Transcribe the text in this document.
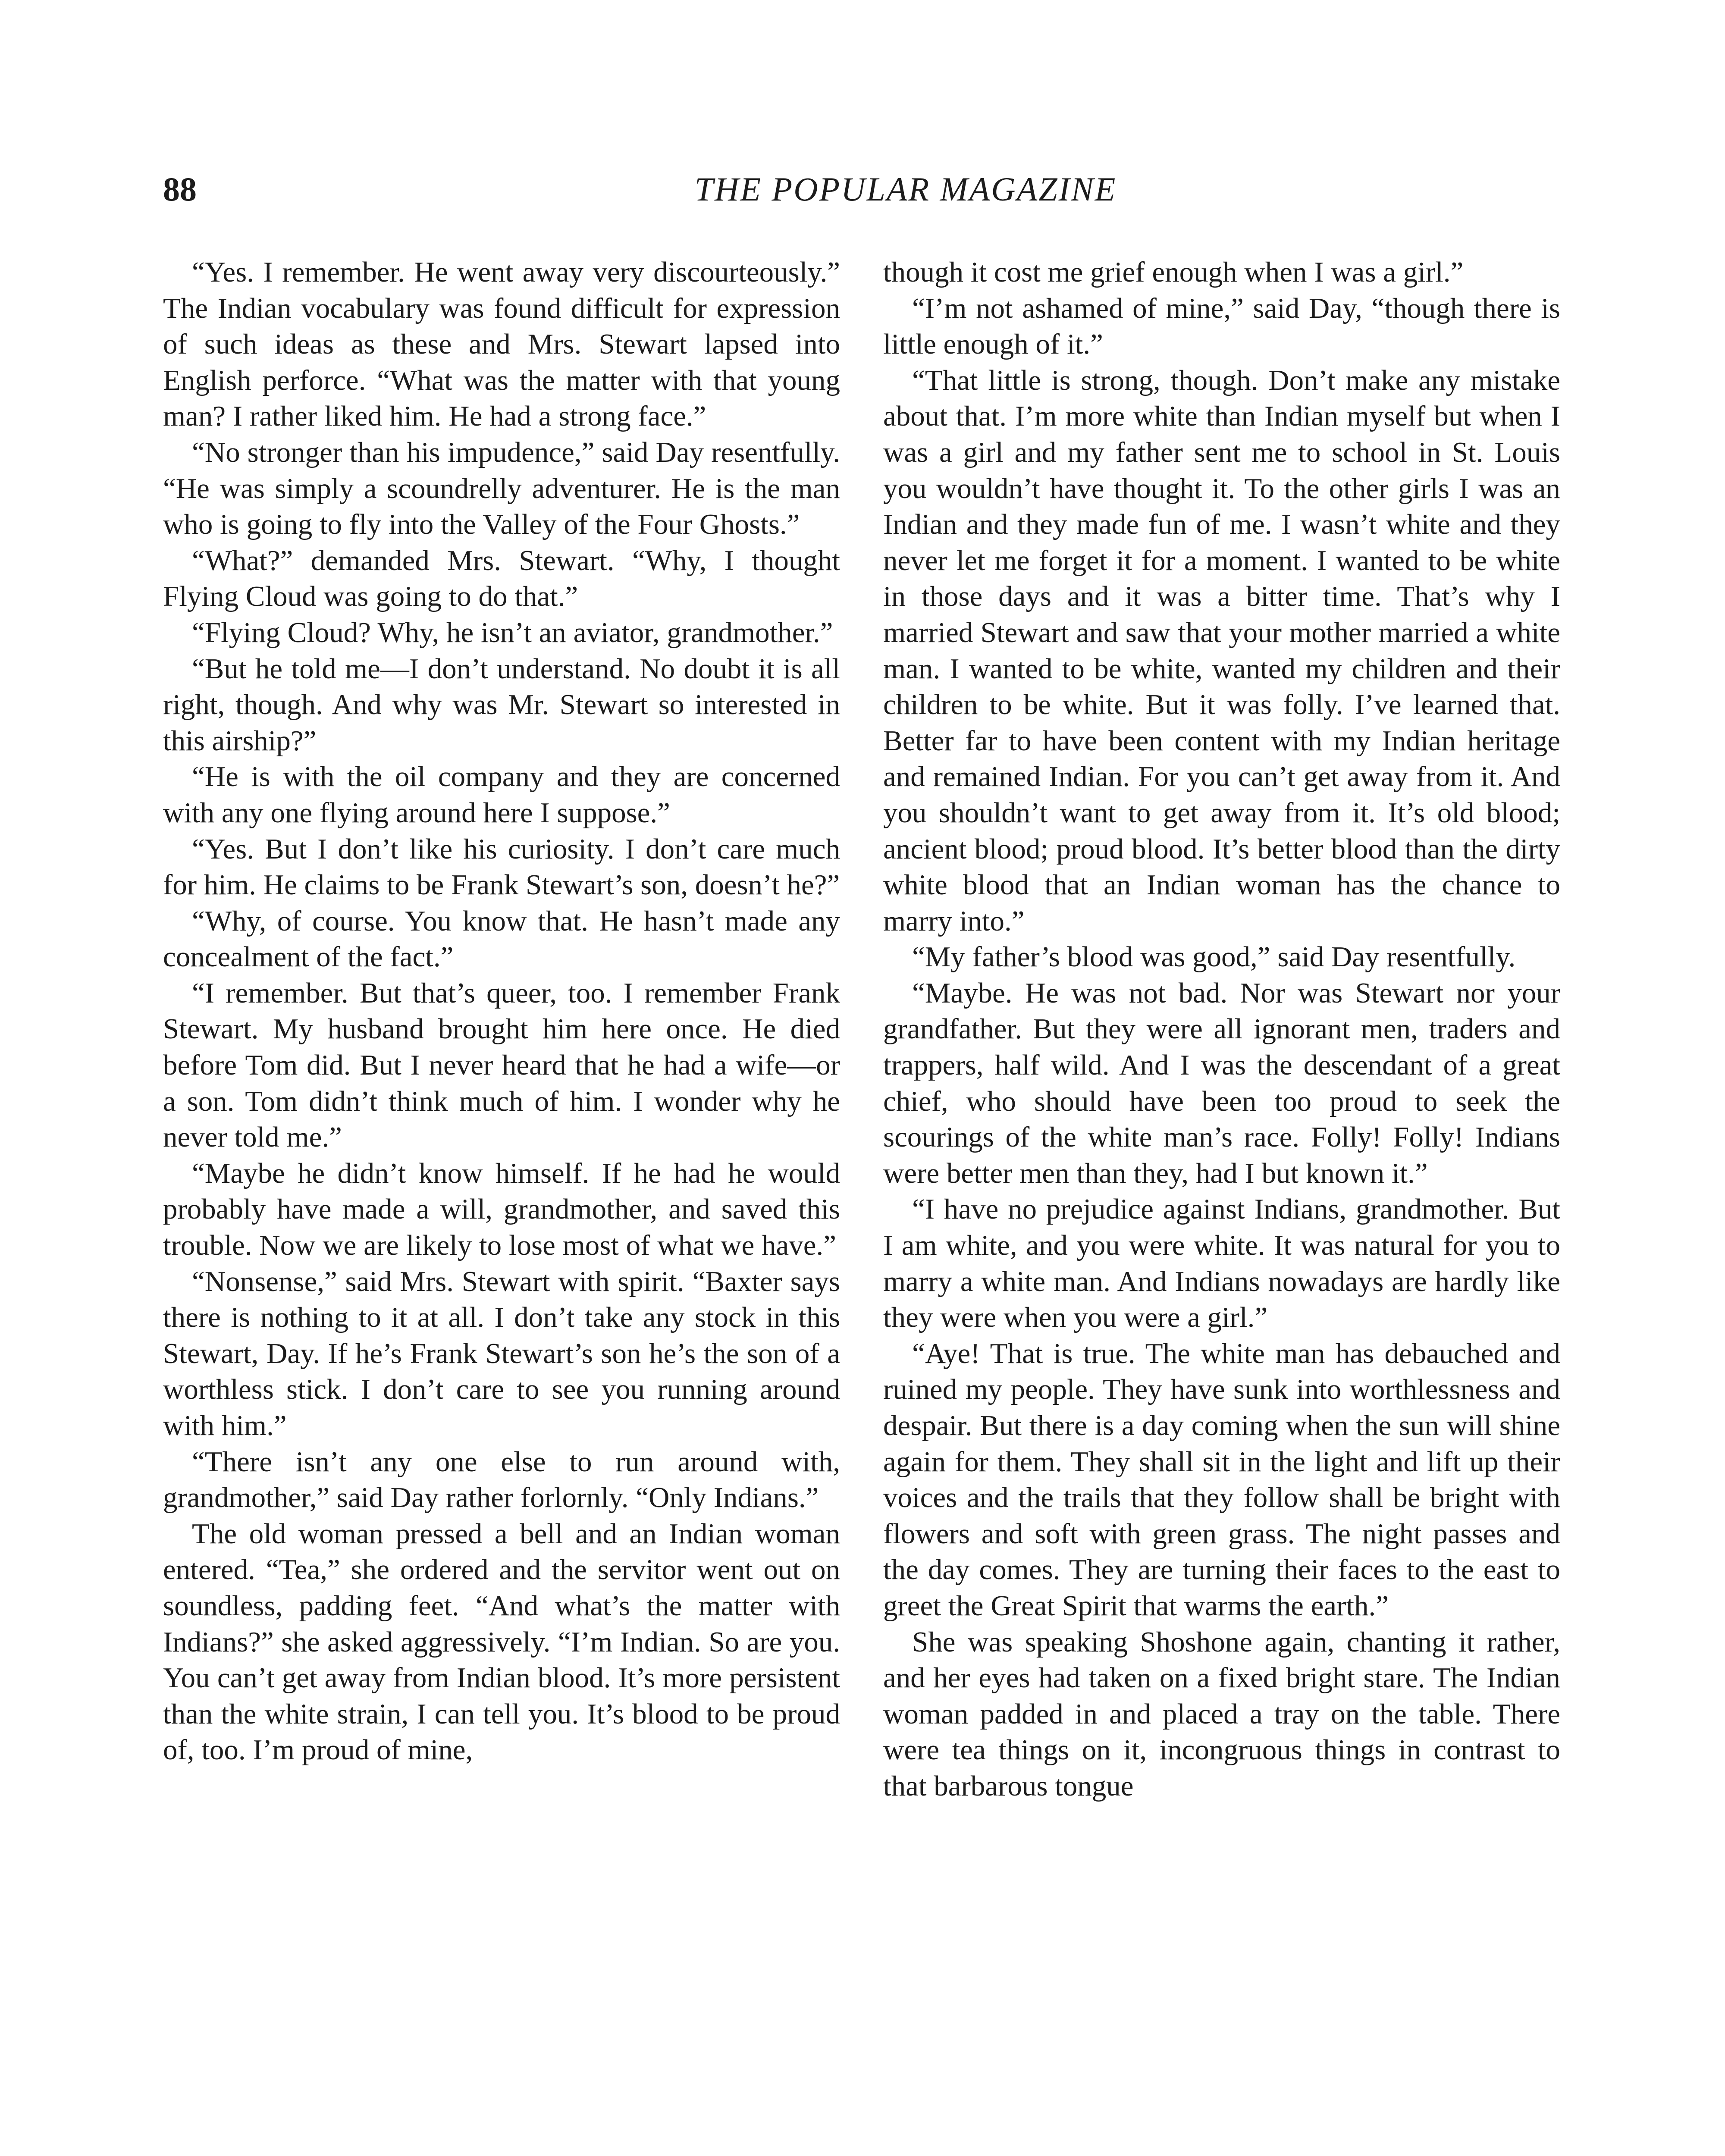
88	THE POPULAR MAGAZINE

“Yes. I remember. He went away very discourteously.” The Indian vocabulary was found difficult for expression of such ideas as these and Mrs. Stewart lapsed into English perforce. “What was the matter with that young man? I rather liked him. He had a strong face.”

“No stronger than his impudence,” said Day resentfully. “He was simply a scoundrelly adventurer. He is the man who is going to fly into the Valley of the Four Ghosts.”

“What?” demanded Mrs. Stewart. “Why, I thought Flying Cloud was going to do that.”

“Flying Cloud? Why, he isn’t an aviator, grandmother.”

“But he told me—I don’t understand. No doubt it is all right, though. And why was Mr. Stewart so interested in this airship?”

“He is with the oil company and they are concerned with any one flying around here I suppose.”

“Yes. But I don’t like his curiosity. I don’t care much for him. He claims to be Frank Stewart’s son, doesn’t he?”

“Why, of course. You know that. He hasn’t made any concealment of the fact.”

“I remember. But that’s queer, too. I remember Frank Stewart. My husband brought him here once. He died before Tom did. But I never heard that he had a wife—or a son. Tom didn’t think much of him. I wonder why he never told me.”

“Maybe he didn’t know himself. If he had he would probably have made a will, grandmother, and saved this trouble. Now we are likely to lose most of what we have.”

“Nonsense,” said Mrs. Stewart with spirit. “Baxter says there is nothing to it at all. I don’t take any stock in this Stewart, Day. If he’s Frank Stewart’s son he’s the son of a worthless stick. I don’t care to see you running around with him.”

“There isn’t any one else to run around with, grandmother,” said Day rather forlornly. “Only Indians.”

The old woman pressed a bell and an Indian woman entered. “Tea,” she ordered and the servitor went out on soundless, padding feet. “And what’s the matter with Indians?” she asked aggressively. “I’m Indian. So are you. You can’t get away from Indian blood. It’s more persistent than the white strain, I can tell you. It’s blood to be proud of, too. I’m proud of mine,

though it cost me grief enough when I was a girl.”

“I’m not ashamed of mine,” said Day, “though there is little enough of it.”

“That little is strong, though. Don’t make any mistake about that. I’m more white than Indian myself but when I was a girl and my father sent me to school in St. Louis you wouldn’t have thought it. To the other girls I was an Indian and they made fun of me. I wasn’t white and they never let me forget it for a moment. I wanted to be white in those days and it was a bitter time. That’s why I married Stewart and saw that your mother married a white man. I wanted to be white, wanted my children and their children to be white. But it was folly. I’ve learned that. Better far to have been content with my Indian heritage and remained Indian. For you can’t get away from it. And you shouldn’t want to get away from it. It’s old blood; ancient blood; proud blood. It’s better blood than the dirty white blood that an Indian woman has the chance to marry into.”

“My father’s blood was good,” said Day resentfully.

“Maybe. He was not bad. Nor was Stewart nor your grandfather. But they were all ignorant men, traders and trappers, half wild. And I was the descendant of a great chief, who should have been too proud to seek the scourings of the white man’s race. Folly! Folly! Indians were better men than they, had I but known it.”

“I have no prejudice against Indians, grandmother. But I am white, and you were white. It was natural for you to marry a white man. And Indians nowadays are hardly like they were when you were a girl.”

“Aye! That is true. The white man has debauched and ruined my people. They have sunk into worthlessness and despair. But there is a day coming when the sun will shine again for them. They shall sit in the light and lift up their voices and the trails that they follow shall be bright with flowers and soft with green grass. The night passes and the day comes. They are turning their faces to the east to greet the Great Spirit that warms the earth.”

She was speaking Shoshone again, chanting it rather, and her eyes had taken on a fixed bright stare. The Indian woman padded in and placed a tray on the table. There were tea things on it, incongruous things in contrast to that barbarous tongue
